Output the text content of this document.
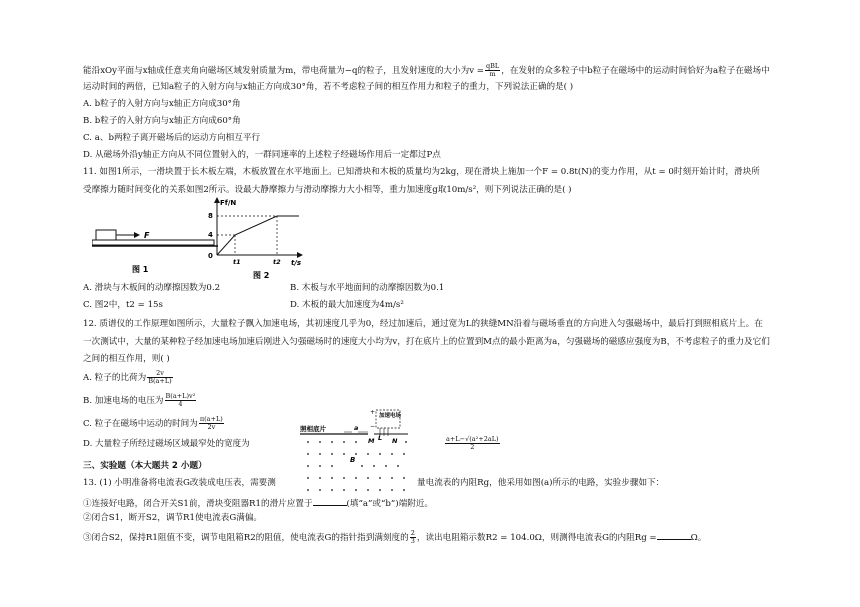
能沿xOy平面与x轴成任意夹角向磁场区域发射质量为m，带电荷量为−q的粒子，且发射速度的大小为$v = \frac{\text{qBL}}{m}$ ，在发射的众多粒子中b粒子在磁场中的运动时间恰好为a粒子在磁场中
运动时间的两倍，已知a粒子的入射方向与x轴正方向成30°角，若不考虑粒子间的相互作用力和粒子的重力，下列说法正确的是( )
A. b粒子的入射方向与x轴正方向成30°角
B. b粒子的入射方向与x轴正方向成60°角
C. a、b两粒子离开磁场后的运动方向相互平行
D. 从磁场外沿y轴正方向从不同位置射入的，一群同速率的上述粒子经磁场作用后一定都过P点
11. 如图1所示，一滑块置于长木板左端，木板放置在水平地面上。已知滑块和木板的质量均为2kg，现在滑块上施加一个F = 0.8t(N)的变力作用，从t = 0时刻开始计时，滑块所
受摩擦力随时间变化的关系如图2所示。设最大静摩擦力与滑动摩擦力大小相等，重力加速度g取10m/s²，则下列说法正确的是( )
F
图 1
Ff/N
t/s
8
4
0
t1	t2
图 2
A. 滑块与木板间的动摩擦因数为0.2	B. 木板与水平地面间的动摩擦因数为0.1
C. 图2中，t2 = 15s	D. 木板的最大加速度为4m/s²
12. 质谱仪的工作原理如图所示，大量粒子飘入加速电场，其初速度几乎为0，经过加速后，通过宽为L的狭缝MN沿着与磁场垂直的方向进入匀强磁场中，最后打到照相底片上。在
一次测试中，大量的某种粒子经加速电场加速后刚进入匀强磁场时的速度大小均为v，打在底片上的位置到M点的最小距离为a，匀强磁场的磁感应强度为B，不考虑粒子的重力及它们
之间的相互作用，则( )
A. 粒子的比荷为 $\frac{2v}{B(a+L)}$
B. 加速电场的电压为 $\frac{\text{B(a+L)v²}}{4}$
C. 粒子在磁场中运动的时间为 $\frac{\pi(a+L)}{2v}$
D. 大量粒子所经过磁场区域最窄处的宽度为	$\frac{\text{a+L−√(a²+2aL)}}{2}$
照相底片	a
加速电场
+
−
M	N
L
B
三、实验题（本大题共 2 小题）
13. (1) 小明准备将电流表G改装成电压表，需要测	量电流表的内阻Rg，他采用如图(a)所示的电路，实验步骤如下：
①连接好电路，闭合开关S1前，滑块变阻器R1的滑片应置于	(填“a”或“b”)端附近。
②闭合S1，断开S2，调节R1使电流表G满偏。
③闭合S2，保持R1阻值不变，调节电阻箱R2的阻值，使电流表G的指针指到满刻度的 $\frac{2}{3}$ ，读出电阻箱示数R2 = 104.0Ω，则测得电流表G的内阻Rg =	Ω。
